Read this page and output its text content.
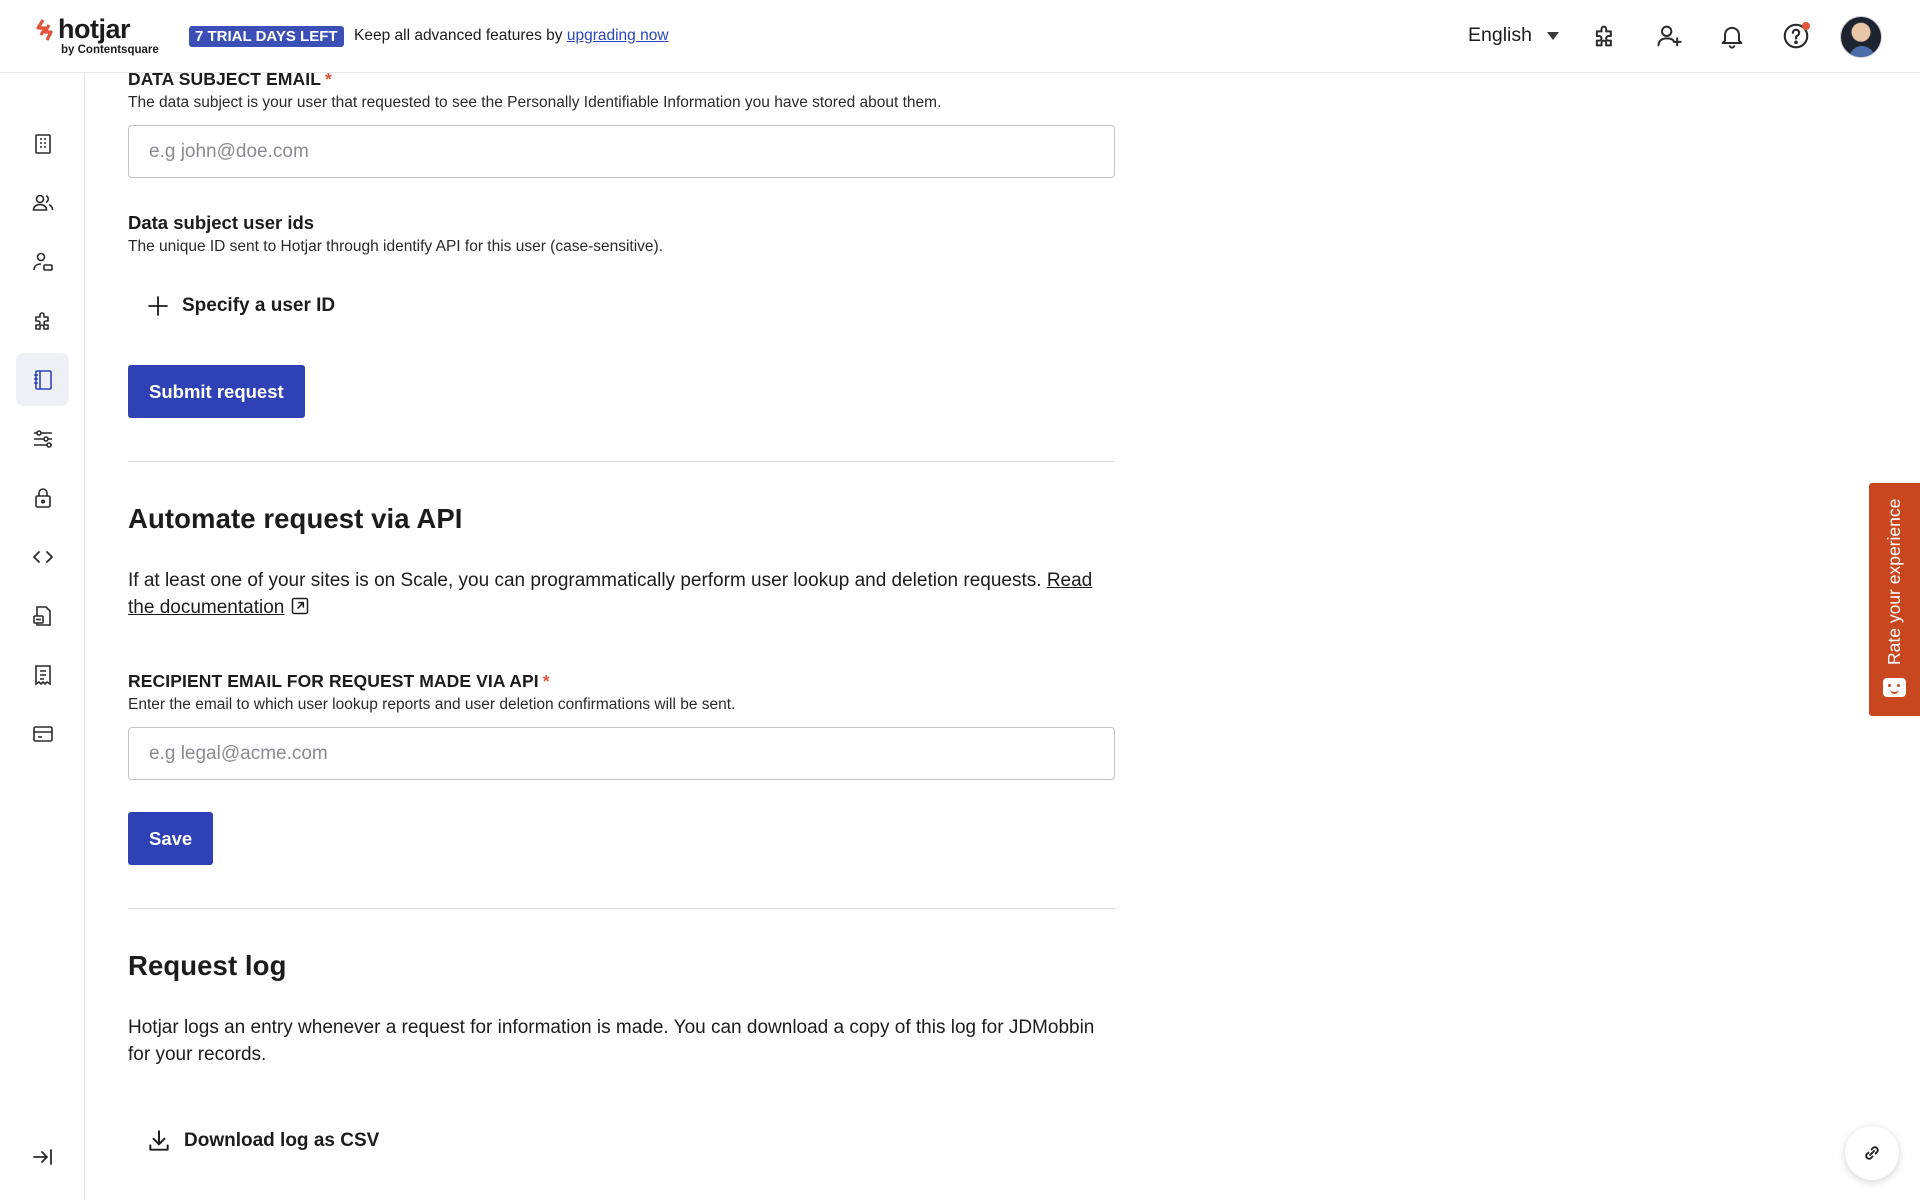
hotjar
by Contentsquare
7 TRIAL DAYS LEFT	Keep all advanced features by upgrading now	English
DATA SUBJECT EMAIL *
The data subject is your user that requested to see the Personally Identifiable Information you have stored about them.
e.g john@doe.com
Data subject user ids
The unique ID sent to Hotjar through identify API for this user (case-sensitive).
Specify a user ID
Submit request
Automate request via API
If at least one of your sites is on Scale, you can programmatically perform user lookup and deletion requests. Read the documentation
RECIPIENT EMAIL FOR REQUEST MADE VIA API *
Enter the email to which user lookup reports and user deletion confirmations will be sent.
e.g legal@acme.com
Save
Request log
Hotjar logs an entry whenever a request for information is made. You can download a copy of this log for JDMobbin for your records.
Download log as CSV
Rate your experience
